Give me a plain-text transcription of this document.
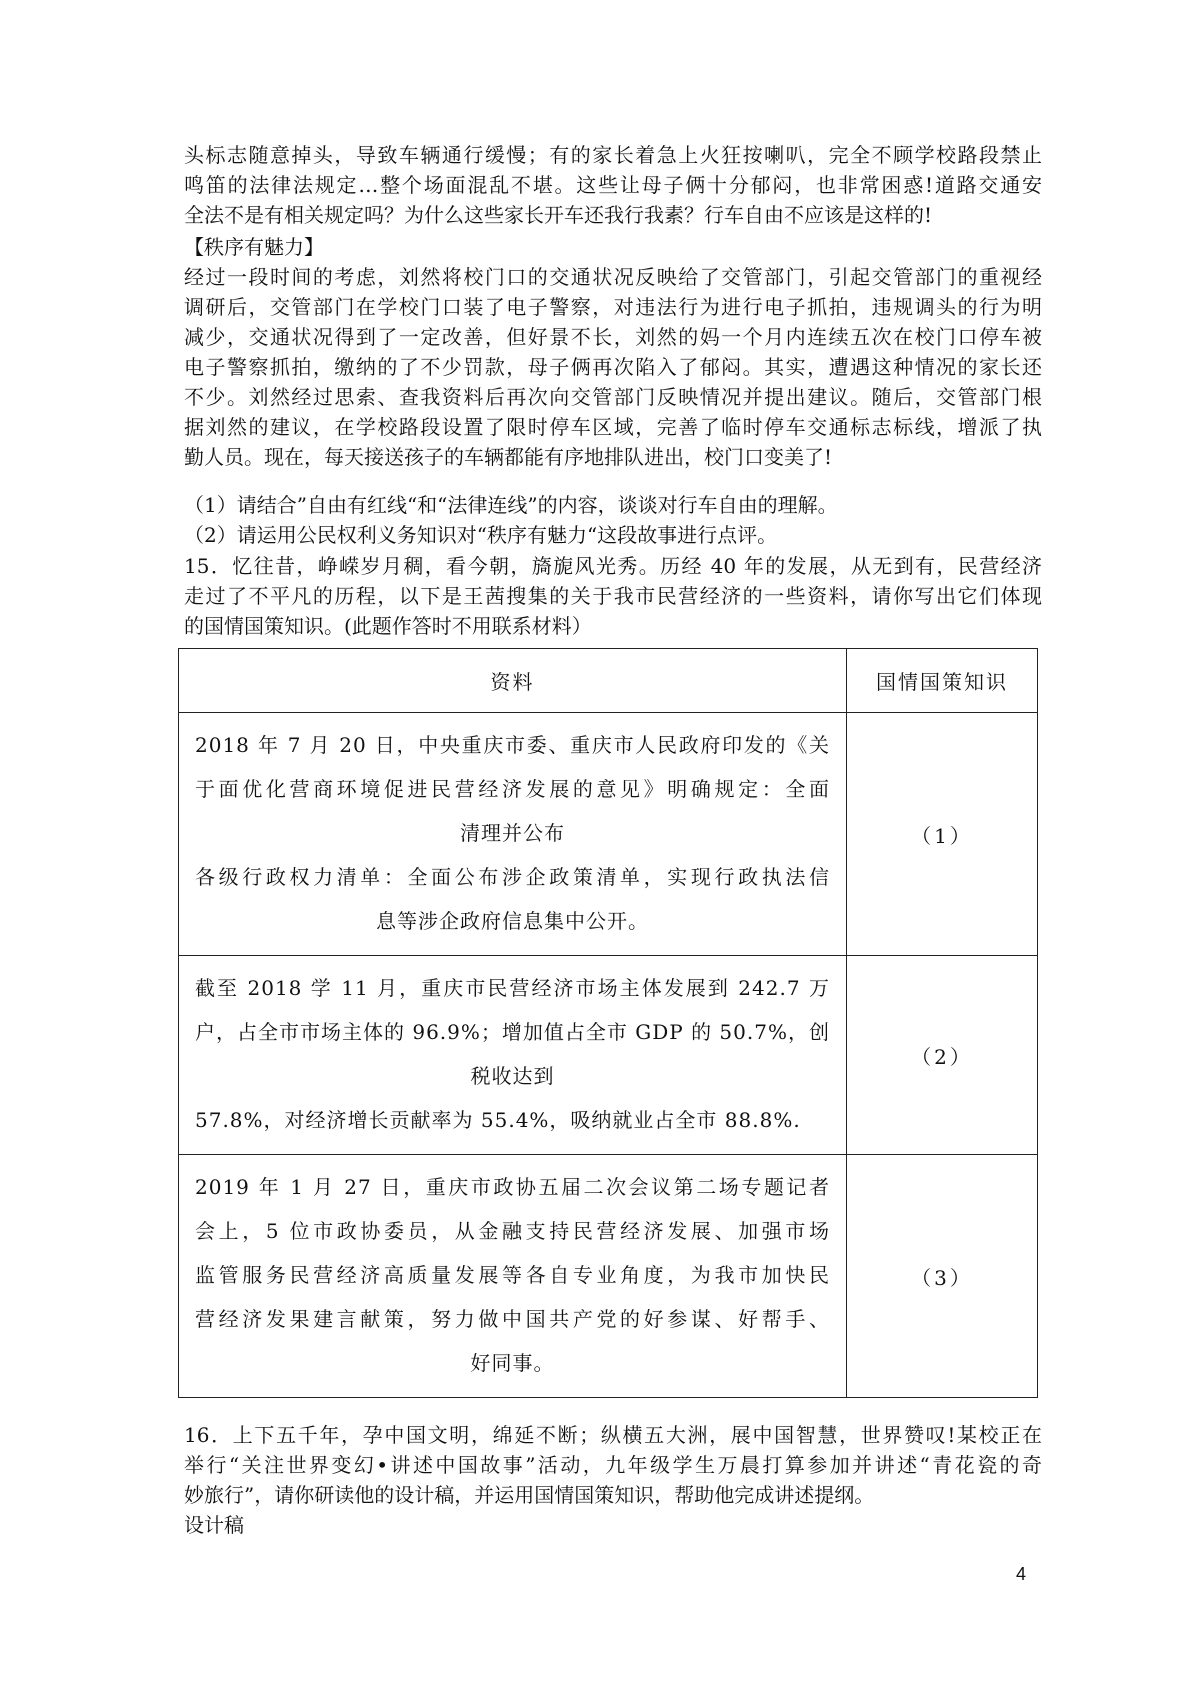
头标志随意掉头，导致车辆通行缓慢；有的家长着急上火狂按喇叭，完全不顾学校路段禁止
鸣笛的法律法规定…整个场面混乱不堪。这些让母子俩十分郁闷，也非常困惑!道路交通安
全法不是有相关规定吗？为什么这些家长开车还我行我素？行车自由不应该是这样的!

【秩序有魅力】

经过一段时间的考虑，刘然将校门口的交通状况反映给了交管部门，引起交管部门的重视经
调研后，交管部门在学校门口装了电子警察，对违法行为进行电子抓拍，违规调头的行为明
减少，交通状况得到了一定改善，但好景不长，刘然的妈一个月内连续五次在校门口停车被
电子警察抓拍，缴纳的了不少罚款，母子俩再次陷入了郁闷。其实，遭遇这种情况的家长还
不少。刘然经过思索、查我资料后再次向交管部门反映情况并提出建议。随后，交管部门根
据刘然的建议，在学校路段设置了限时停车区域，完善了临时停车交通标志标线，增派了执
勤人员。现在，每天接送孩子的车辆都能有序地排队进出，校门口变美了!
（1）请结合”自由有红线“和“法律连线”的内容，谈谈对行车自由的理解。
（2）请运用公民权利义务知识对“秩序有魅力“这段故事进行点评。
15．忆往昔，峥嵘岁月稠，看今朝，旖旎风光秀。历经 40 年的发展，从无到有，民营经济
走过了不平凡的历程，以下是王茜搜集的关于我市民营经济的一些资料，请你写出它们体现
的国情国策知识。(此题作答时不用联系材料）
资料	国情国策知识

2018 年 7 月 20 日，中央重庆市委、重庆市人民政府印发的《关
于面优化营商环境促进民营经济发展的意见》明确规定：全面
清理并公布
各级行政权力清单：全面公布涉企政策清单，实现行政执法信
息等涉企政府信息集中公开。	（1）

截至 2018 学 11 月，重庆市民营经济市场主体发展到 242.7 万
户，占全市市场主体的 96.9%；增加值占全市 GDP 的 50.7%，创
税收达到
57.8%，对经济增长贡献率为 55.4%，吸纳就业占全市 88.8%.	（2）

2019 年 1 月 27 日，重庆市政协五届二次会议第二场专题记者
会上，5 位市政协委员，从金融支持民营经济发展、加强市场
监管服务民营经济高质量发展等各自专业角度，为我市加快民
营经济发果建言献策，努力做中国共产党的好参谋、好帮手、
好同事。	（3）
16．上下五千年，孕中国文明，绵延不断；纵横五大洲，展中国智慧，世界赞叹!某校正在
举行“关注世界变幻•讲述中国故事”活动，九年级学生万晨打算参加并讲述“青花瓷的奇
妙旅行”，请你研读他的设计稿，并运用国情国策知识，帮助他完成讲述提纲。

设计稿

4
